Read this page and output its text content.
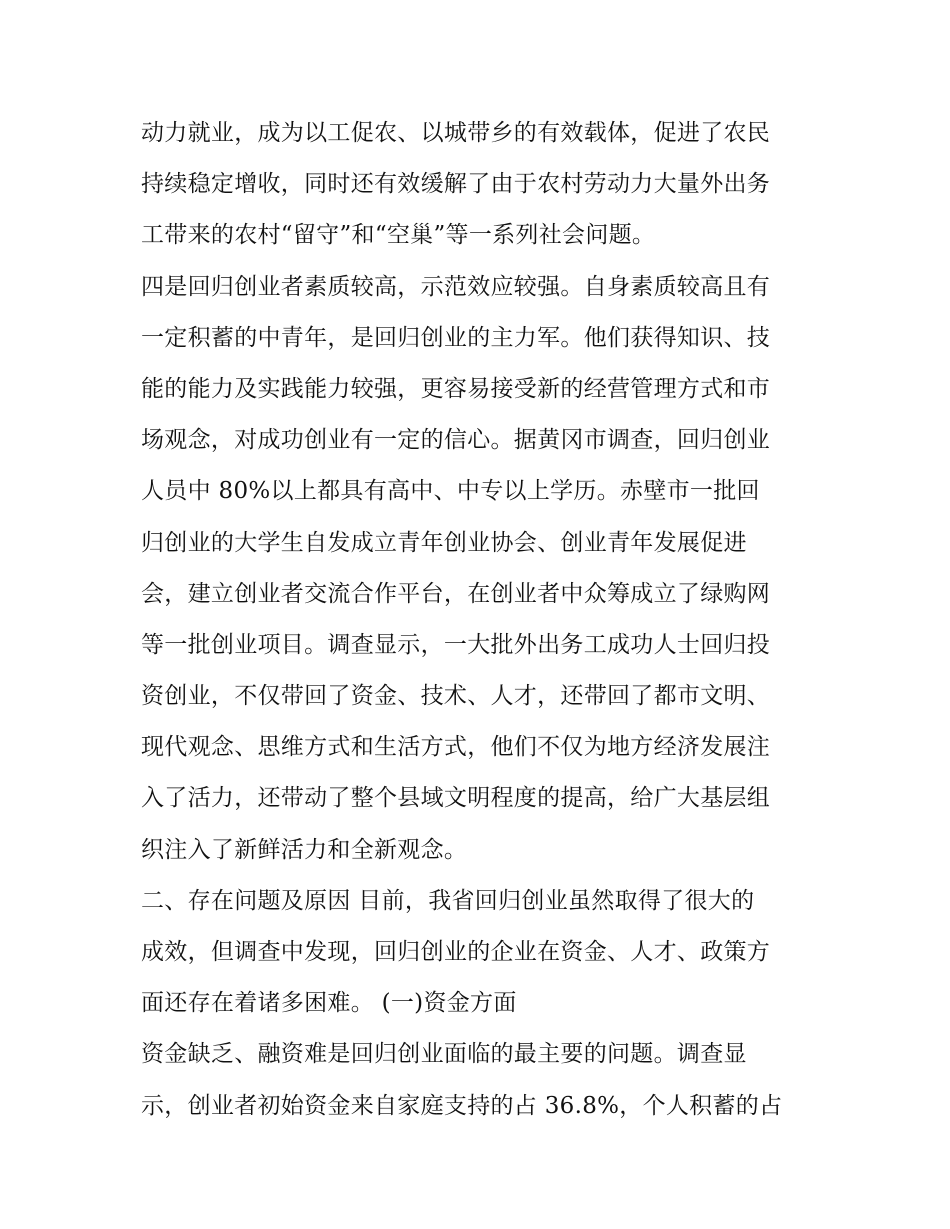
动力就业，成为以工促农、以城带乡的有效载体，促进了农民
持续稳定增收，同时还有效缓解了由于农村劳动力大量外出务
工带来的农村“留守”和“空巢”等一系列社会问题。
四是回归创业者素质较高，示范效应较强。自身素质较高且有
一定积蓄的中青年，是回归创业的主力军。他们获得知识、技
能的能力及实践能力较强，更容易接受新的经营管理方式和市
场观念，对成功创业有一定的信心。据黄冈市调查，回归创业
人员中 80%以上都具有高中、中专以上学历。赤壁市一批回
归创业的大学生自发成立青年创业协会、创业青年发展促进
会，建立创业者交流合作平台，在创业者中众筹成立了绿购网
等一批创业项目。调查显示，一大批外出务工成功人士回归投
资创业，不仅带回了资金、技术、人才，还带回了都市文明、
现代观念、思维方式和生活方式，他们不仅为地方经济发展注
入了活力，还带动了整个县域文明程度的提高，给广大基层组
织注入了新鲜活力和全新观念。
二、存在问题及原因 目前，我省回归创业虽然取得了很大的
成效，但调查中发现，回归创业的企业在资金、人才、政策方
面还存在着诸多困难。 (一)资金方面
资金缺乏、融资难是回归创业面临的最主要的问题。调查显
示，创业者初始资金来自家庭支持的占 36.8%，个人积蓄的占
